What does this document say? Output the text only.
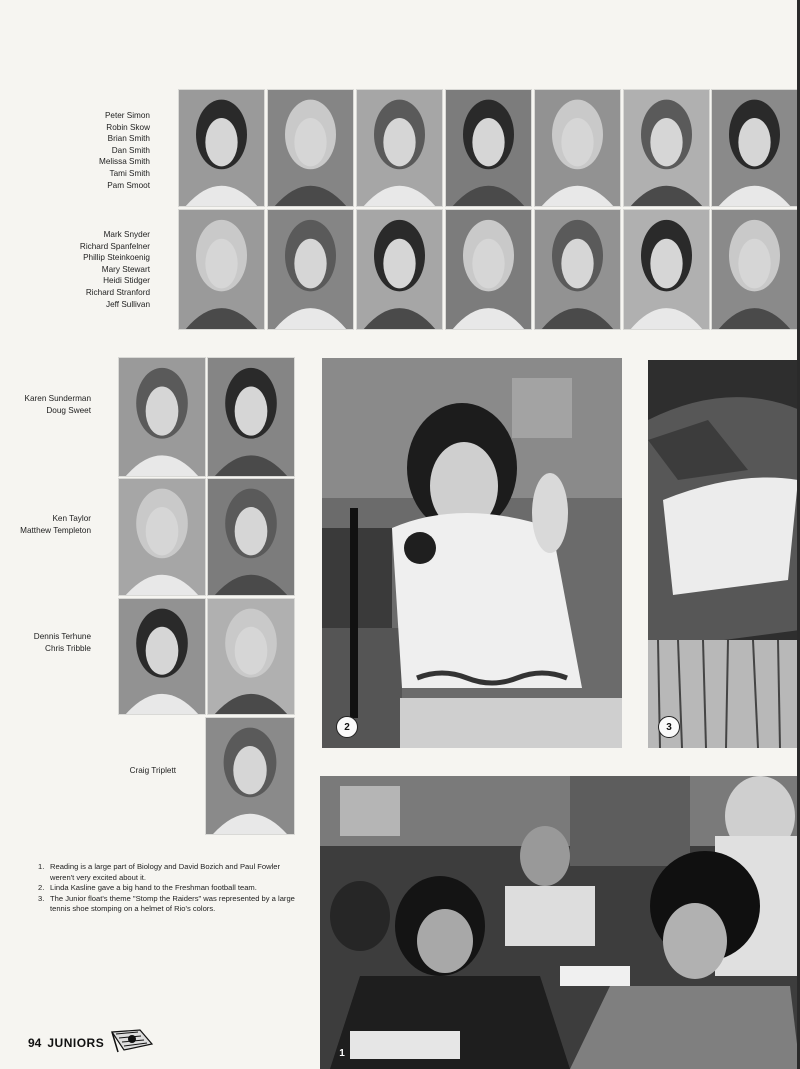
Peter Simon
Robin Skow
Brian Smith
Dan Smith
Melissa Smith
Tami Smith
Pam Smoot
Mark Snyder
Richard Spanfelner
Phillip Steinkoenig
Mary Stewart
Heidi Stidger
Richard Stranford
Jeff Sullivan
Karen Sunderman
Doug Sweet
Ken Taylor
Matthew Templeton
Dennis Terhune
Chris Tribble
Craig Triplett
2	3
1
1. Reading is a large part of Biology and David Bozich and Paul Fowler weren't very excited about it.
2. Linda Kasline gave a big hand to the Freshman football team.
3. The Junior float's theme "Stomp the Raiders" was represented by a large tennis shoe stomping on a helmet of Rio's colors.
94 JUNIORS
